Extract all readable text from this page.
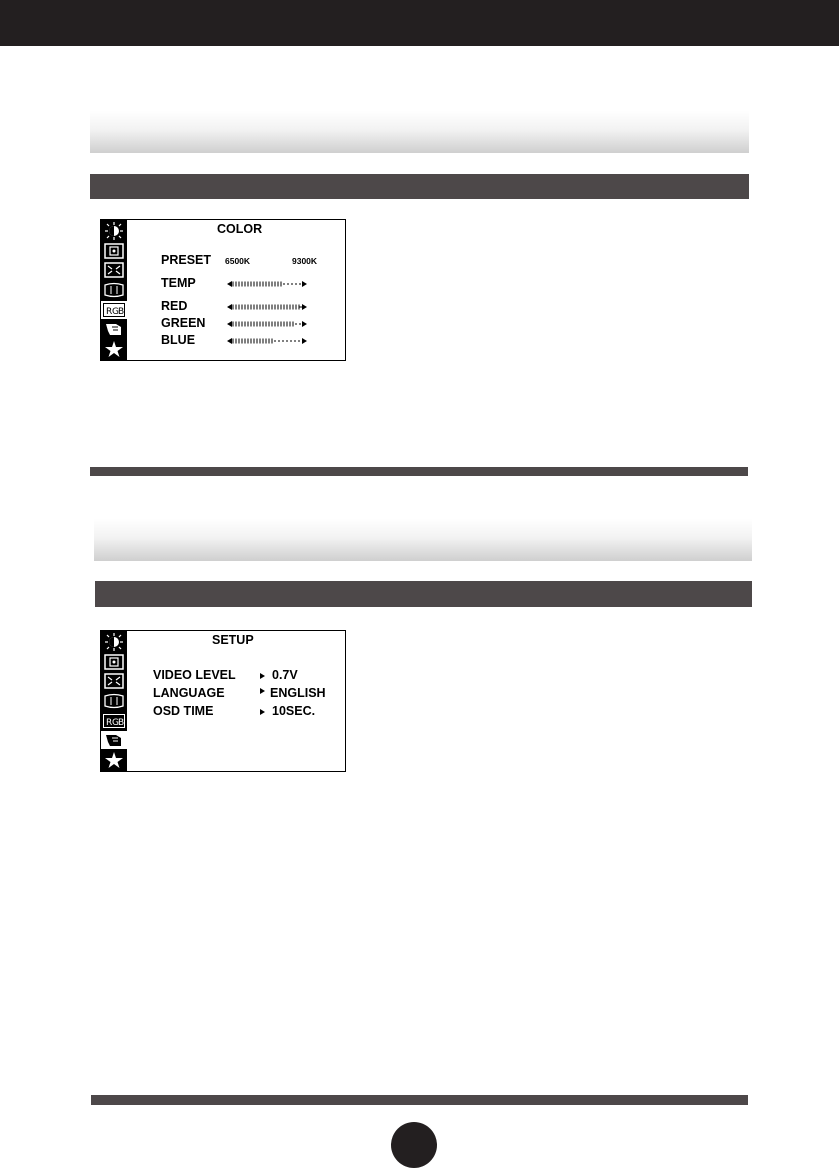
R G B
COLOR
PRESET 6500K	9300K
TEMP
RED
GREEN
BLUE
R G B
SETUP
VIDEO LEVEL	0.7V
LANGUAGE	ENGLISH
OSD TIME	10SEC.
